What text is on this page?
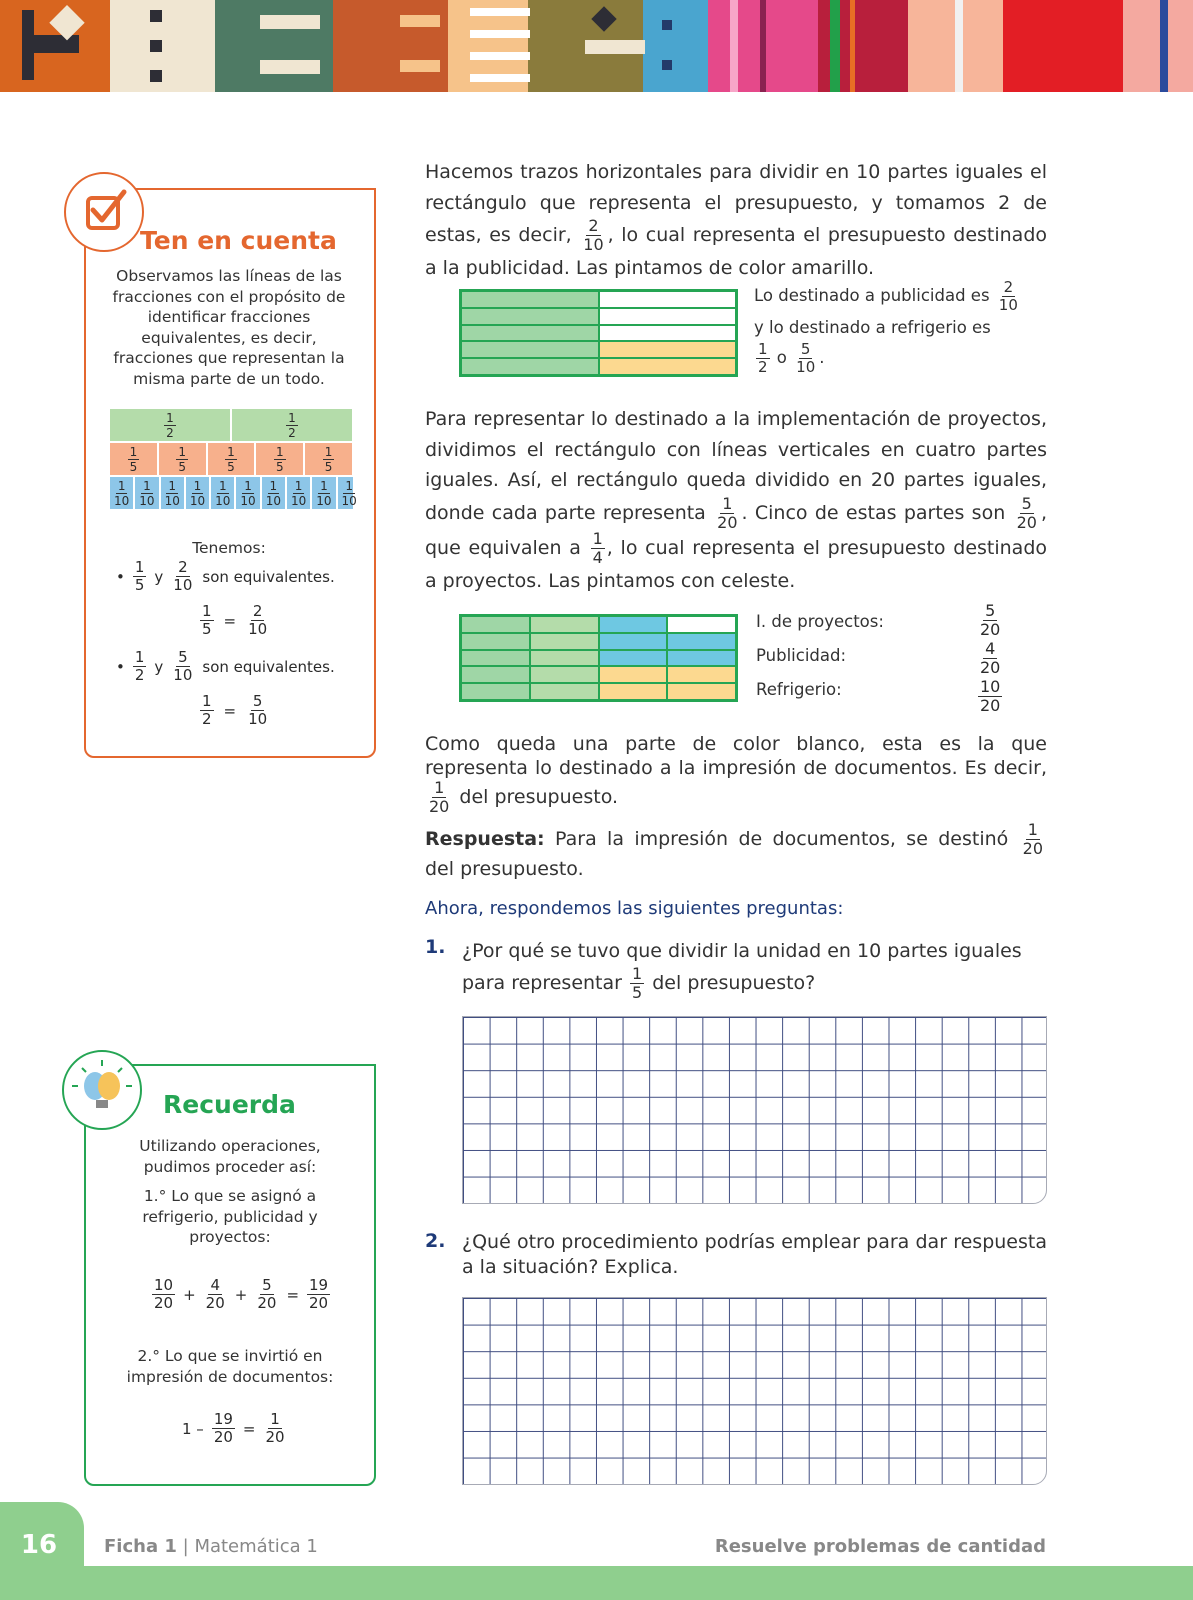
Ten en cuenta
Observamos las líneas de las fracciones con el propósito de identificar fracciones equivalentes, es decir, fracciones que representan la misma parte de un todo.
1
2
1
2
1
5
1
5
1
5
1
5
1
5
1
10
1
10
1
10
1
10
1
10
1
10
1
10
1
10
1
10
1
10
Tenemos:
•
1
5 y
2
10 son equivalentes.
$\frac{1}{5} = \frac{2}{10}$
•
1
2 y
5
10 son equivalentes.
$\frac{1}{2} = \frac{5}{10}$
Hacemos trazos horizontales para dividir en 10 partes iguales el rectángulo que representa el presupuesto, y tomamos 2 de estas, es decir, $\frac{2}{10}$ , lo cual representa el presupuesto destinado a la publicidad. Las pintamos de color amarillo.
Lo destinado a publicidad es $\frac{2}{10}$

y lo destinado a refrigerio es

$\frac{1}{2}$ o $\frac{5}{10}$ .
Para representar lo destinado a la implementación de proyectos, dividimos el rectángulo con líneas verticales en cuatro partes iguales. Así, el rectángulo queda dividido en 20 partes iguales, donde cada parte representa $\frac{1}{20}$ . Cinco de estas partes son $\frac{5}{20}$ , que equivalen a $\frac{1}{4}$ , lo cual representa el presupuesto destinado a proyectos. Las pintamos con celeste.
I. de proyectos:
Publicidad:
Refrigerio:
$\frac{5}{20}$
$\frac{4}{20}$
$\frac{10}{20}$
Como queda una parte de color blanco, esta es la que representa lo destinado a la impresión de documentos. Es decir,
$\frac{1}{20}$ del presupuesto.
Respuesta: Para la impresión de documentos, se destinó $\frac{1}{20}$
del presupuesto.
Ahora, respondemos las siguientes preguntas:
1. ¿Por qué se tuvo que dividir la unidad en 10 partes iguales para representar $\frac{1}{5}$ del presupuesto?
2. ¿Qué otro procedimiento podrías emplear para dar respuesta a la situación? Explica.
Recuerda
Utilizando operaciones, pudimos proceder así:
1.° Lo que se asignó a refrigerio, publicidad y proyectos:
10
$20 + \frac{4}{20} + \frac{5}{20} = \frac{19}{20}$
2.° Lo que se invirtió en impresión de documentos:
$1 - \frac{19}{20} = \frac{1}{20}$
16	Ficha 1 | Matemática 1	Resuelve problemas de cantidad
